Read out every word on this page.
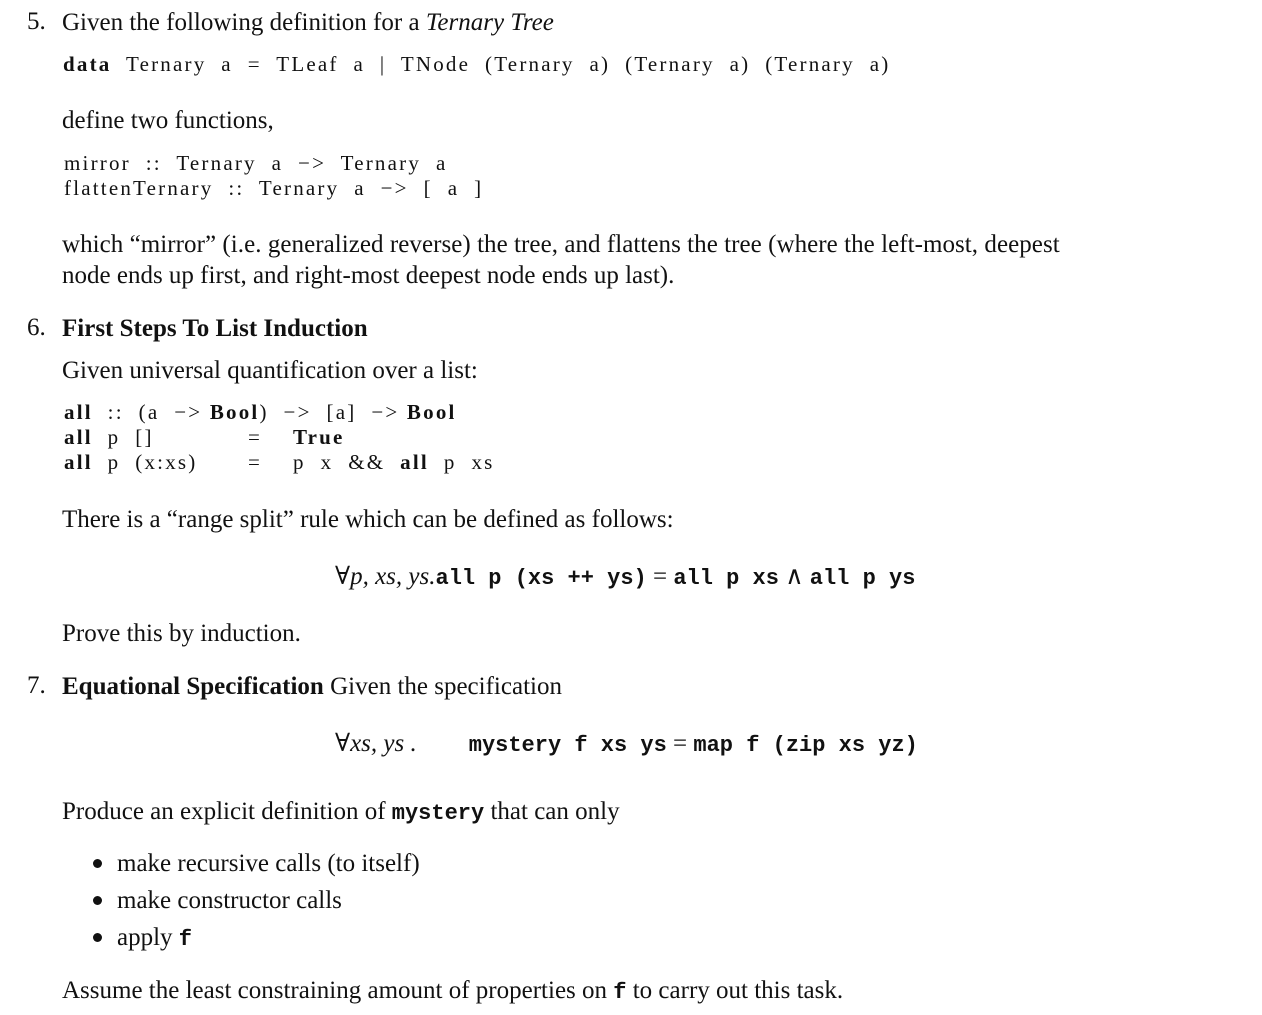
5. Given the following definition for a Ternary Tree
data Ternary  a  =  TLeaf  a  |  TNode  (Ternary  a)  (Ternary  a)  (Ternary  a)
define two functions,
mirror  ::  Ternary  a  −>  Ternary  a
flattenTernary  ::  Ternary  a  −>  [  a  ]
which “mirror” (i.e. generalized reverse) the tree, and flattens the tree (where the left-most, deepest
node ends up first, and right-most deepest node ends up last).
6. First Steps To List Induction
Given universal quantification over a list:
all  ::  (a  −> Bool)  −>  [a]  −> Bool
all  p  []	= True
all  p  (x:xs) = p  x  &&  all  p  xs
There is a “range split” rule which can be defined as follows:
∀p, xs, ys.all p (xs ++ ys) = all p xs ∧ all p ys
Prove this by induction.
7. Equational Specification Given the specification
∀xs, ys . mystery f xs ys = map f (zip xs yz)
Produce an explicit definition of mystery that can only
make recursive calls (to itself)
make constructor calls
apply f
Assume the least constraining amount of properties on f to carry out this task.
